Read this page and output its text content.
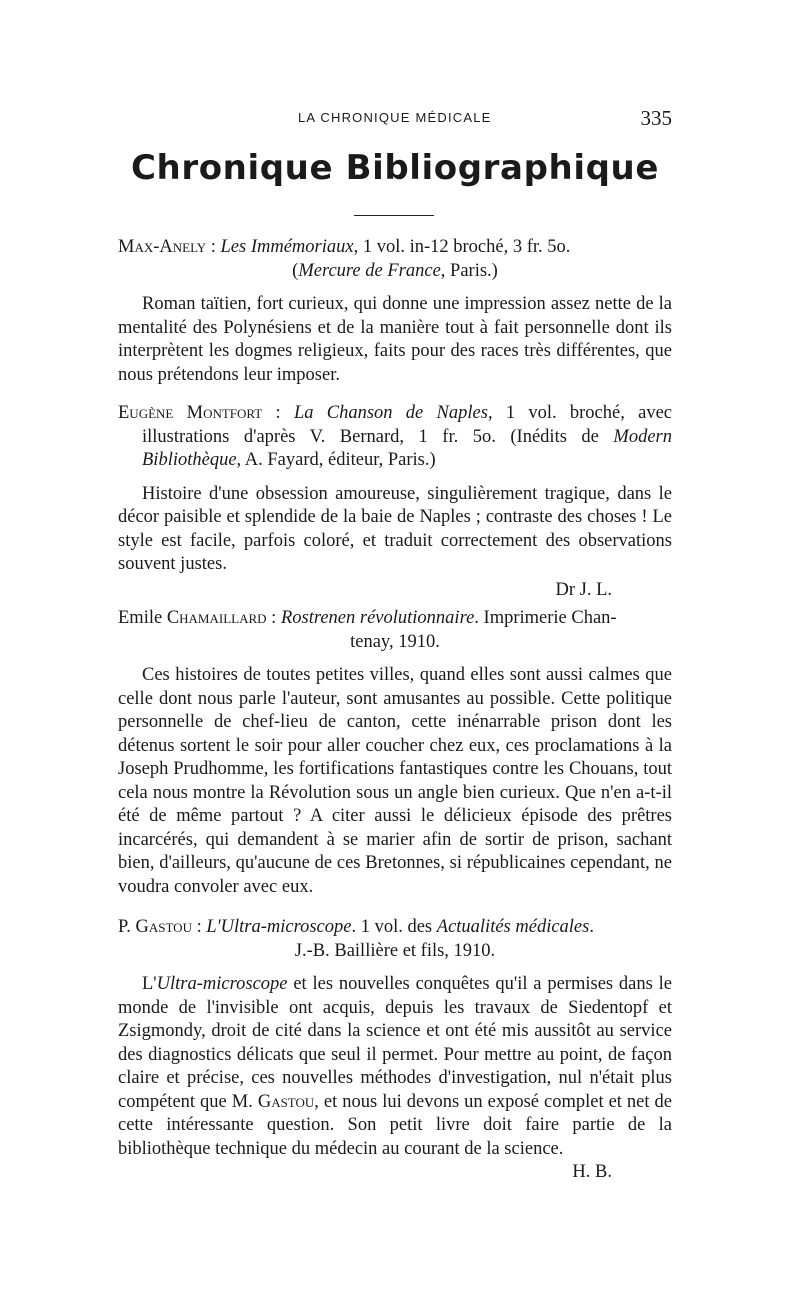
LA CHRONIQUE MÉDICALE	335
Chronique Bibliographique
Max-Anely : Les Immémoriaux, 1 vol. in-12 broché, 3 fr. 5o.
(Mercure de France, Paris.)
Roman taïtien, fort curieux, qui donne une impression assez nette de la mentalité des Polynésiens et de la manière tout à fait personnelle dont ils interprètent les dogmes religieux, faits pour des races très différentes, que nous prétendons leur imposer.
Eugène Montfort : La Chanson de Naples, 1 vol. broché, avec illustrations d'après V. Bernard, 1 fr. 5o. (Inédits de Modern Bibliothèque, A. Fayard, éditeur, Paris.)
Histoire d'une obsession amoureuse, singulièrement tragique, dans le décor paisible et splendide de la baie de Naples ; contraste des choses ! Le style est facile, parfois coloré, et traduit correctement des observations souvent justes.
Dr J. L.
Emile Chamaillard : Rostrenen révolutionnaire. Imprimerie Chan-
tenay, 1910.
Ces histoires de toutes petites villes, quand elles sont aussi calmes que celle dont nous parle l'auteur, sont amusantes au possible. Cette politique personnelle de chef-lieu de canton, cette inénarrable prison dont les détenus sortent le soir pour aller coucher chez eux, ces proclamations à la Joseph Prudhomme, les fortifications fantastiques contre les Chouans, tout cela nous montre la Révolution sous un angle bien curieux. Que n'en a-t-il été de même partout ? A citer aussi le délicieux épisode des prêtres incarcérés, qui demandent à se marier afin de sortir de prison, sachant bien, d'ailleurs, qu'aucune de ces Bretonnes, si républicaines cependant, ne voudra convoler avec eux.
P. Gastou : L'Ultra-microscope. 1 vol. des Actualités médicales.
J.-B. Baillière et fils, 1910.
L'Ultra-microscope et les nouvelles conquêtes qu'il a permises dans le monde de l'invisible ont acquis, depuis les travaux de Siedentopf et Zsigmondy, droit de cité dans la science et ont été mis aussitôt au service des diagnostics délicats que seul il permet. Pour mettre au point, de façon claire et précise, ces nouvelles méthodes d'investigation, nul n'était plus compétent que M. Gastou, et nous lui devons un exposé complet et net de cette intéressante question. Son petit livre doit faire partie de la bibliothèque technique du médecin au courant de la science.
H. B.
